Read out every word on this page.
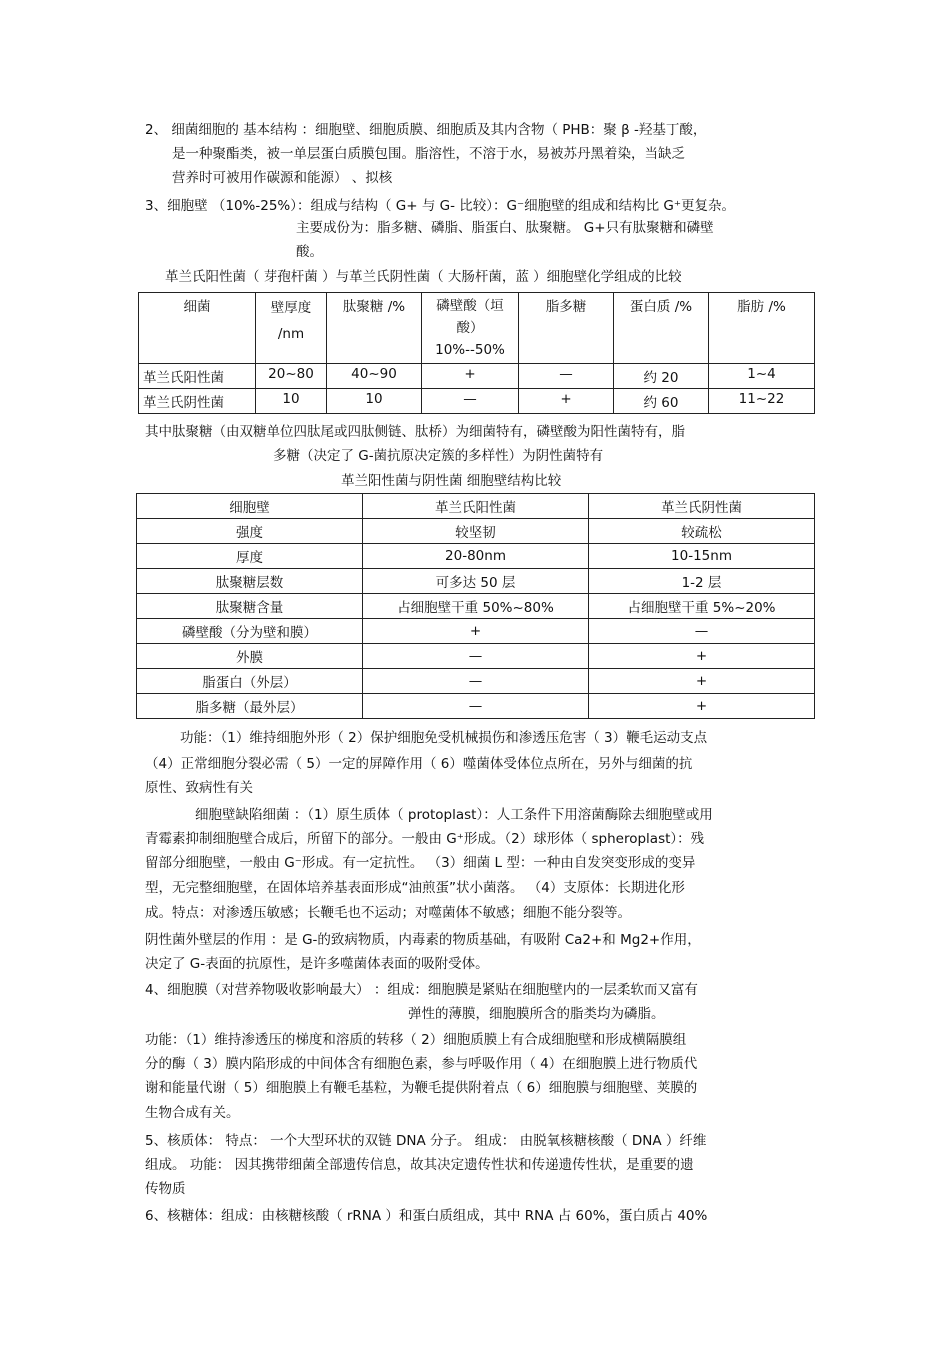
2、 细菌细胞的 基本结构 ：细胞壁、细胞质膜、细胞质及其内含物（ PHB：聚 β -羟基丁酸，
是一种聚酯类，被一单层蛋白质膜包围。脂溶性，不溶于水，易被苏丹黑着染，当缺乏
营养时可被用作碳源和能源） 、拟核
3、细胞壁 （10%-25%）：组成与结构（ G+ 与 G- 比较）：G⁻细胞壁的组成和结构比 G⁺更复杂。
主要成份为：脂多糖、磷脂、脂蛋白、肽聚糖。 G+只有肽聚糖和磷壁
酸。
革兰氏阳性菌（ 芽孢杆菌 ）与革兰氏阴性菌（ 大肠杆菌，蓝 ）细胞壁化学组成的比较
其中肽聚糖（由双糖单位四肽尾或四肽侧链、肽桥）为细菌特有，磷壁酸为阳性菌特有，脂
多糖（决定了 G-菌抗原决定簇的多样性）为阴性菌特有
革兰阳性菌与阴性菌 细胞壁结构比较
功能：（1）维持细胞外形（ 2）保护细胞免受机械损伤和渗透压危害（ 3）鞭毛运动支点
（4）正常细胞分裂必需（ 5）一定的屏障作用（ 6）噬菌体受体位点所在，另外与细菌的抗
原性、致病性有关
细胞壁缺陷细菌 ：（1）原生质体（ protoplast）：人工条件下用溶菌酶除去细胞壁或用
青霉素抑制细胞壁合成后，所留下的部分。一般由 G⁺形成。（2）球形体（ spheroplast）：残
留部分细胞壁，一般由 G⁻形成。有一定抗性。 （3）细菌 L 型：一种由自发突变形成的变异
型，无完整细胞壁，在固体培养基表面形成“油煎蛋”状小菌落。 （4）支原体：长期进化形
成。特点：对渗透压敏感；长鞭毛也不运动；对噬菌体不敏感；细胞不能分裂等。
阴性菌外壁层的作用 ：是 G-的致病物质，内毒素的物质基础，有吸附 Ca2+和 Mg2+作用，
决定了 G-表面的抗原性，是许多噬菌体表面的吸附受体。
4、细胞膜（对营养物吸收影响最大） ：组成：细胞膜是紧贴在细胞壁内的一层柔软而又富有
弹性的薄膜，细胞膜所含的脂类均为磷脂。
功能：（1）维持渗透压的梯度和溶质的转移（ 2）细胞质膜上有合成细胞壁和形成横隔膜组
分的酶（ 3）膜内陷形成的中间体含有细胞色素，参与呼吸作用（ 4）在细胞膜上进行物质代
谢和能量代谢（ 5）细胞膜上有鞭毛基粒，为鞭毛提供附着点（ 6）细胞膜与细胞壁、荚膜的
生物合成有关。
5、核质体： 特点： 一个大型环状的双链 DNA 分子。 组成： 由脱氧核糖核酸（ DNA ）纤维
组成。 功能： 因其携带细菌全部遗传信息，故其决定遗传性状和传递遗传性状，是重要的遗
传物质
6、核糖体：组成：由核糖核酸（ rRNA ）和蛋白质组成，其中 RNA 占 60%，蛋白质占 40%
细菌	壁厚度
/nm	肽聚糖 /%	磷壁酸（垣
酸）
10%--50%	脂多糖	蛋白质 /%	脂肪 /%
革兰氏阳性菌	20~80	40~90	+	—	约 20	1~4
革兰氏阴性菌	10	10	—	+	约 60	11~22
细胞壁	革兰氏阳性菌	革兰氏阴性菌
强度	较坚韧	较疏松
厚度	20-80nm	10-15nm
肽聚糖层数	可多达 50 层	1-2 层
肽聚糖含量	占细胞壁干重 50%~80%	占细胞壁干重 5%~20%
磷壁酸（分为壁和膜）	+	—
外膜	—	+
脂蛋白（外层）	—	+
脂多糖（最外层）	—	+
